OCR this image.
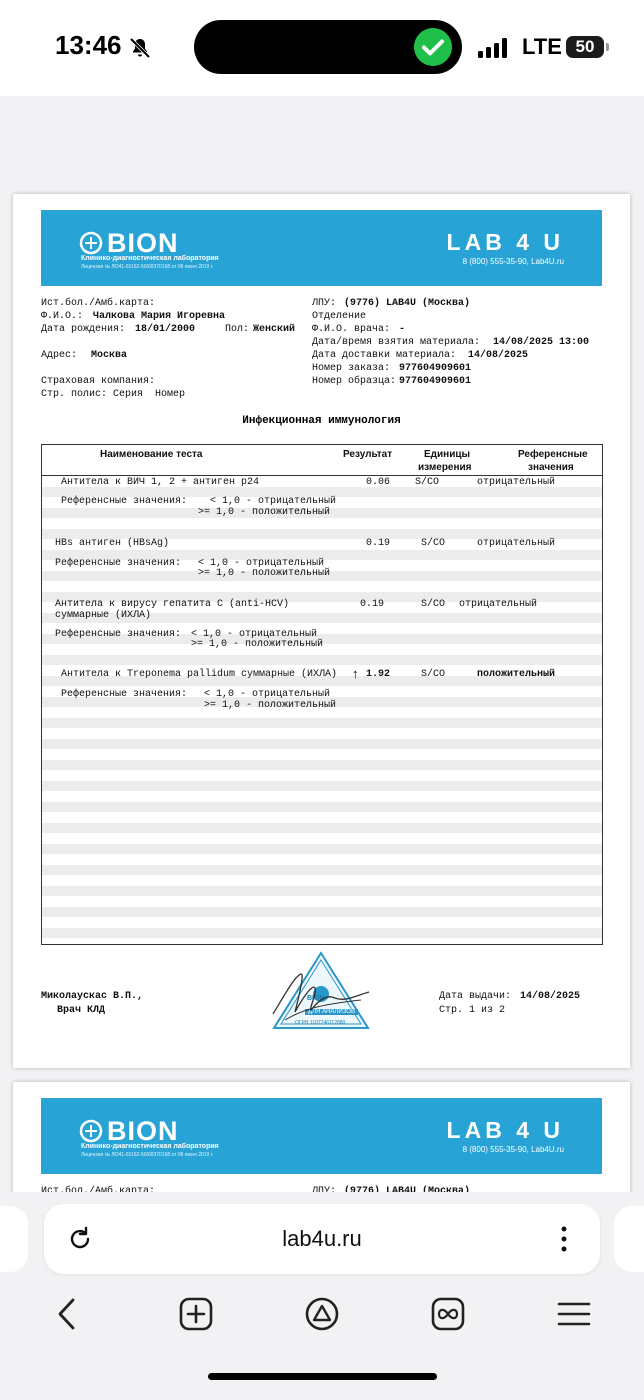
13:46	LTE 50
BION
Клинико-диагностическая лаборатория
Лицензия № ЛО41-01162-50/00370168 от 06 июня 2019 г.
LAB 4 U
8 (800) 555-35-90, Lab4U.ru
Ист.бол./Амб.карта:
Ф.И.О.: Чалкова Мария Игоревна
Дата рождения: 18/01/2000	Пол: Женский
Адрес: Москва
Страховая компания:
Стр. полис: Серия  Номер
ЛПУ: (9776) LAB4U (Москва)
Отделение
Ф.И.О. врача: -
Дата/время взятия материала: 14/08/2025 13:00
Дата доставки материала: 14/08/2025
Номер заказа: 977604909601
Номер образца: 977604909601
Инфекционная иммунология
Наименование теста	Результат	Единицы
измерения
Референсные
значения
Антитела к ВИЧ 1, 2 + антиген p24	0.06 S/CO	отрицательный
Референсные значения: < 1,0 - отрицательный
>= 1,0 - положительный
HBs антиген (HBsAg)	0.19	S/CO	отрицательный
Референсные значения: < 1,0 - отрицательный
>= 1,0 - положительный
Антитела к вирусу гепатита C (anti-HCV)
суммарные (ИХЛА)
0.19	S/CO отрицательный
Референсные значения: < 1,0 - отрицательный
>= 1,0 - положительный
Антитела к Treponema pallidum суммарные (ИХЛА) ↑ 1.92	S/CO	положительный
Референсные значения: < 1,0 - отрицательный
>= 1,0 - положительный
Миколаускас В.П.,
Врач КЛД
Дата выдачи: 14/08/2025
Стр. 1 из 2
BION
ДЛЯ АНАЛИЗОВ
ОГРН 1107746112880
BION
Клинико-диагностическая лаборатория
Лицензия № ЛО41-01162-50/00370168 от 06 июня 2019 г.
LAB 4 U
8 (800) 555-35-90, Lab4U.ru
lab4u.ru
